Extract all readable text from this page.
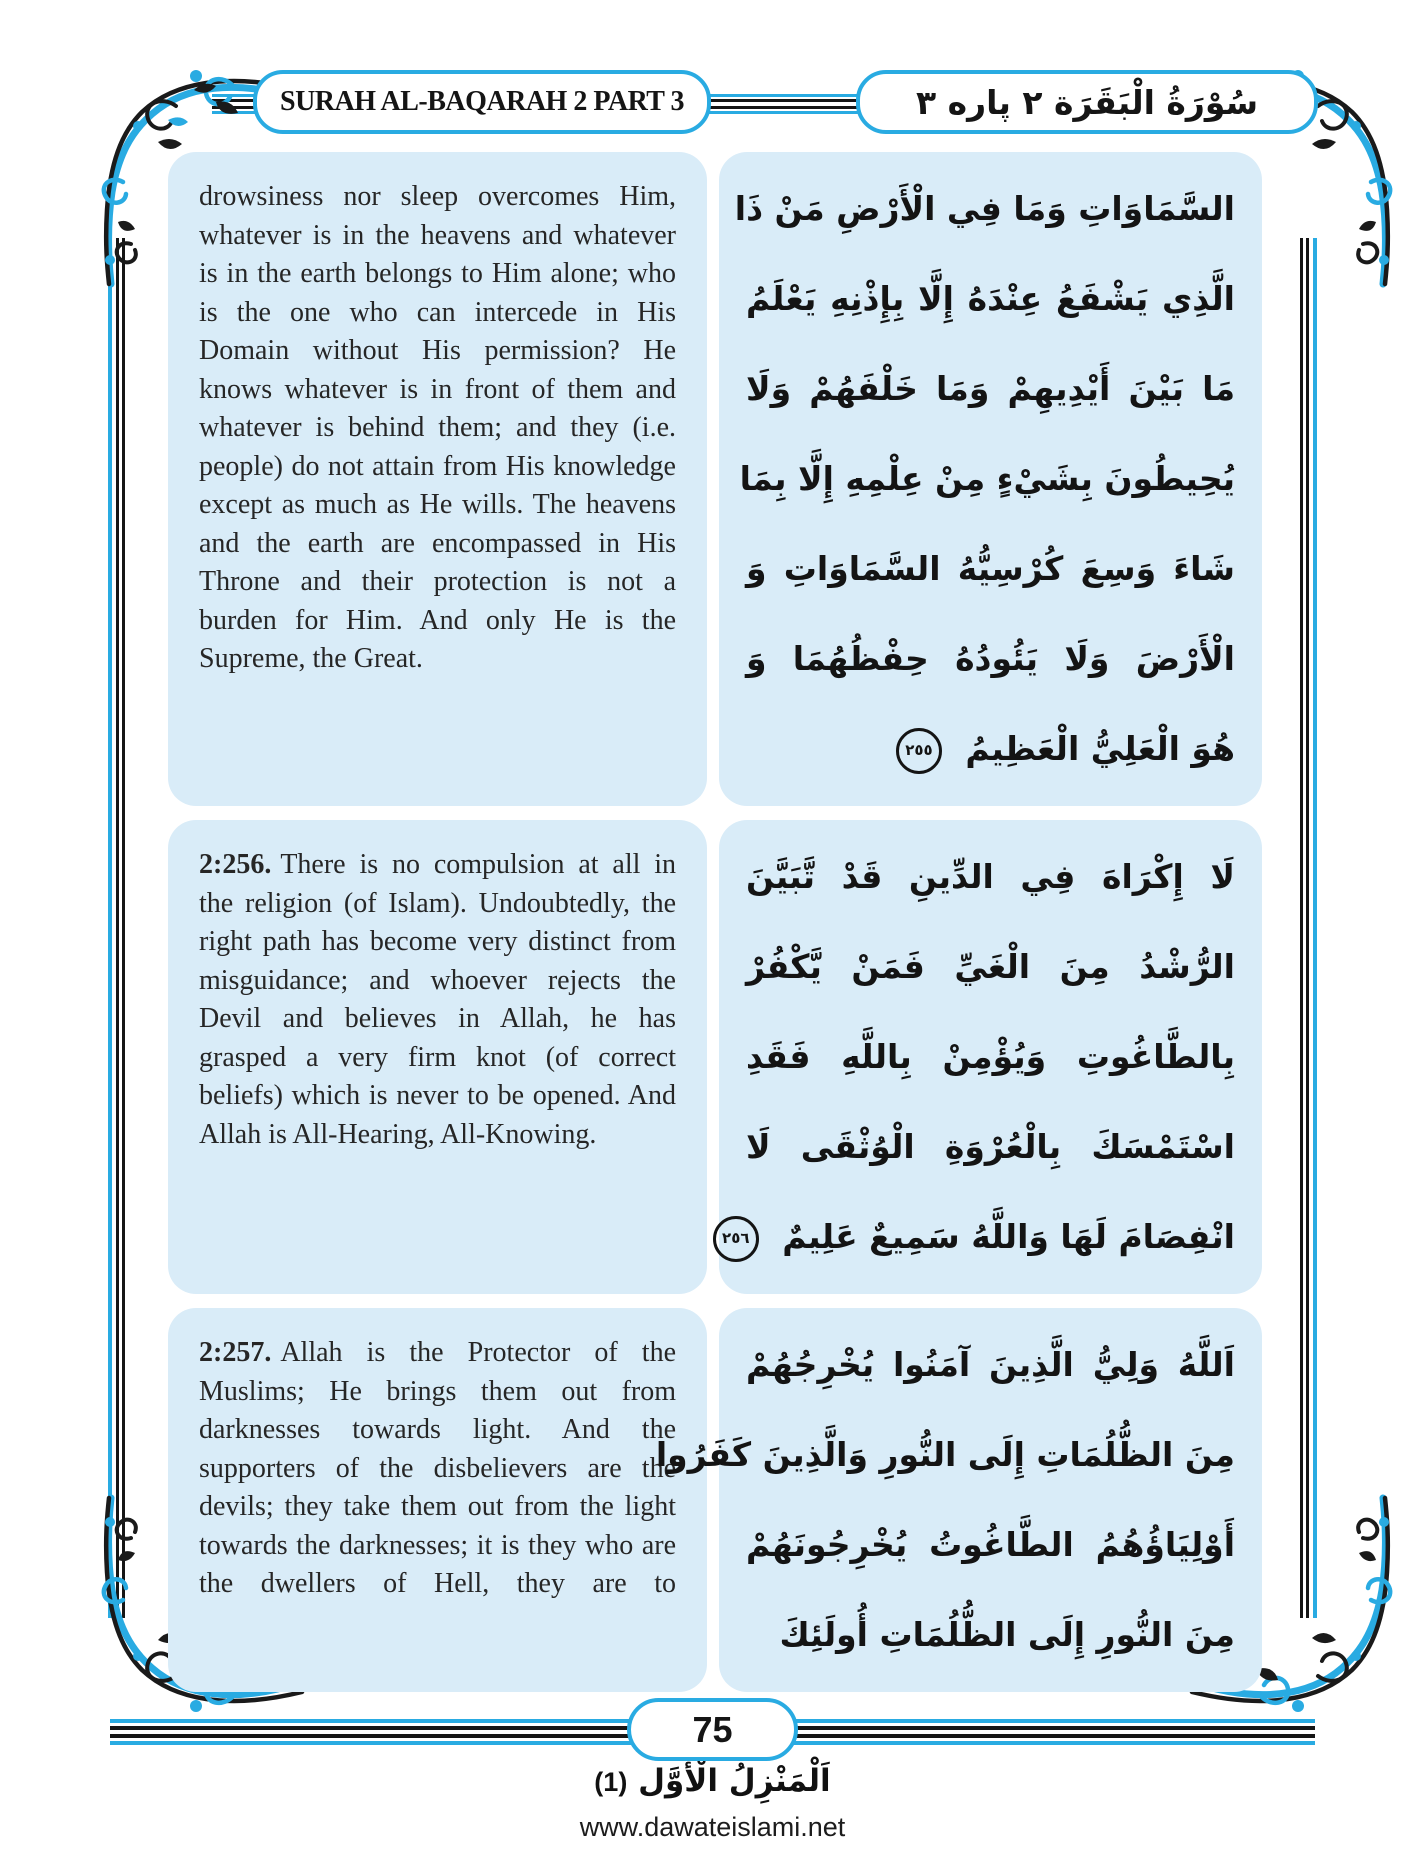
SURAH AL-BAQARAH 2 PART 3	سُوْرَةُ الْبَقَرَة ٢ پاره ٣

drowsiness nor sleep overcomes Him, whatever is in the heavens and whatever is in the earth belongs to Him alone; who is the one who can intercede in His Domain without His permission? He knows whatever is in front of them and whatever is behind them; and they (i.e. people) do not attain from His knowledge except as much as He wills. The heavens and the earth are encompassed in His Throne and their protection is not a burden for Him. And only He is the Supreme, the Great.

السَّمَاوَاتِ وَمَا فِي الْأَرْضِ مَنْ ذَا
الَّذِي يَشْفَعُ عِنْدَهُ إِلَّا بِإِذْنِهِ يَعْلَمُ
مَا بَيْنَ أَيْدِيهِمْ وَمَا خَلْفَهُمْ وَلَا
يُحِيطُونَ بِشَيْءٍ مِنْ عِلْمِهِ إِلَّا بِمَا
شَاءَ وَسِعَ كُرْسِيُّهُ السَّمَاوَاتِ وَ
الْأَرْضَ وَلَا يَئُودُهُ حِفْظُهُمَا وَ
هُوَ الْعَلِيُّ الْعَظِيمُ ٢٥٥

2:256. There is no compulsion at all in the religion (of Islam). Undoubtedly, the right path has become very distinct from misguidance; and whoever rejects the Devil and believes in Allah, he has grasped a very firm knot (of correct beliefs) which is never to be opened. And Allah is All-Hearing, All-Knowing.

لَا إِكْرَاهَ فِي الدِّينِ قَدْ تَّبَيَّنَ
الرُّشْدُ مِنَ الْغَيِّ فَمَنْ يَّكْفُرْ
بِالطَّاغُوتِ وَيُؤْمِنْ بِاللَّهِ فَقَدِ
اسْتَمْسَكَ بِالْعُرْوَةِ الْوُثْقَى لَا
انْفِصَامَ لَهَا وَاللَّهُ سَمِيعٌ عَلِيمٌ ٢٥٦

2:257. Allah is the Protector of the Muslims; He brings them out from darknesses towards light. And the supporters of the disbelievers are the devils; they take them out from the light towards the darknesses; it is they who are the dwellers of Hell, they are to

اَللَّهُ وَلِيُّ الَّذِينَ آمَنُوا يُخْرِجُهُمْ
مِنَ الظُّلُمَاتِ إِلَى النُّورِ وَالَّذِينَ كَفَرُوا
أَوْلِيَاؤُهُمُ الطَّاغُوتُ يُخْرِجُونَهُمْ
مِنَ النُّورِ إِلَى الظُّلُمَاتِ أُولَئِكَ
75
اَلْمَنْزِلُ الْأَوَّل (1)
www.dawateislami.net
